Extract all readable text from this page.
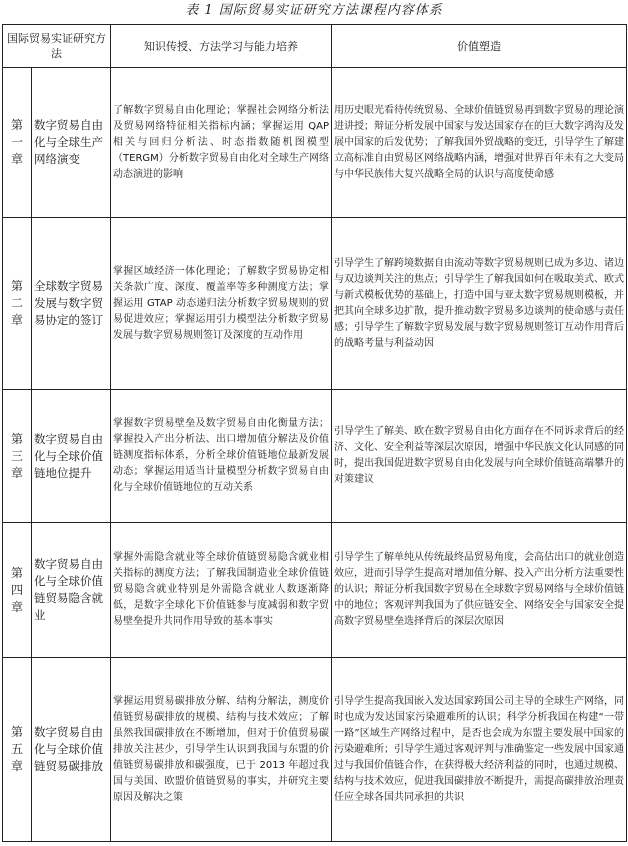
表 1 国际贸易实证研究方法课程内容体系
国际贸易实证研究方法		知识传授、方法学习与能力培养	价值塑造

第
一
章	数字贸易自由化与全球生产网络演变	了解数字贸易自由化理论；掌握社会网络分析法及贸易网络特征相关指标内涵；掌握运用 QAP 相关与回归分析法、时态指数随机图模型（TERGM）分析数字贸易自由化对全球生产网络动态演进的影响	用历史眼光看待传统贸易、全球价值链贸易再到数字贸易的理论演进讲授；辩证分析发展中国家与发达国家存在的巨大数字鸿沟及发展中国家的后发优势；了解我国外贸战略的变迁，引导学生了解建立高标准自由贸易区网络战略内涵，增强对世界百年未有之大变局与中华民族伟大复兴战略全局的认识与高度使命感

第
二
章	全球数字贸易发展与数字贸易协定的签订	掌握区域经济一体化理论；了解数字贸易协定相关条款广度、深度、覆盖率等多种测度方法；掌握运用 GTAP 动态递归法分析数字贸易规则的贸易促进效应；掌握运用引力模型法分析数字贸易发展与数字贸易规则签订及深度的互动作用	引导学生了解跨境数据自由流动等数字贸易规则已成为多边、诸边与双边谈判关注的焦点；引导学生了解我国如何在吸取美式、欧式与新式模板优势的基础上，打造中国与亚太数字贸易规则模板，并把其向全球多边扩散，提升推动数字贸易多边谈判的使命感与责任感；引导学生了解数字贸易发展与数字贸易规则签订互动作用背后的战略考量与利益动因

第
三
章	数字贸易自由化与全球价值链地位提升	掌握数字贸易壁垒及数字贸易自由化衡量方法；掌握投入产出分析法、出口增加值分解法及价值链测度指标体系，分析全球价值链地位最新发展动态；掌握运用适当计量模型分析数字贸易自由化与全球价值链地位的互动关系	引导学生了解美、欧在数字贸易自由化方面存在不同诉求背后的经济、文化、安全利益等深层次原因，增强中华民族文化认同感的同时，提出我国促进数字贸易自由化发展与向全球价值链高端攀升的对策建议

第
四
章	数字贸易自由化与全球价值链贸易隐含就业	掌握外需隐含就业等全球价值链贸易隐含就业相关指标的测度方法；了解我国制造业全球价值链贸易隐含就业特别是外需隐含就业人数逐渐降低，是数字全球化下价值链参与度减弱和数字贸易壁垒提升共同作用导致的基本事实	引导学生了解单纯从传统最终品贸易角度，会高估出口的就业创造效应，进而引导学生提高对增加值分解、投入产出分析方法重要性的认识；辩证分析我国数字贸易在全球数字贸易网络与全球价值链中的地位；客观评判我国为了供应链安全、网络安全与国家安全提高数字贸易壁垒选择背后的深层次原因

第
五
章	数字贸易自由化与全球价值链贸易碳排放	掌握运用贸易碳排放分解、结构分解法，测度价值链贸易碳排放的规模、结构与技术效应；了解虽然我国碳排放在不断增加，但对于价值贸易碳排放关注甚少，引导学生认识到我国与东盟的价值链贸易碳排放和碳强度，已于 2013 年超过我国与美国、欧盟价值链贸易的事实，并研究主要原因及解决之策	引导学生提高我国嵌入发达国家跨国公司主导的全球生产网络，同时也成为发达国家污染避难所的认识；科学分析我国在构建“一带一路”区域生产网络过程中，是否也会成为东盟主要发展中国家的污染避难所；引导学生通过客观评判与准确鉴定一些发展中国家通过与我国价值链合作，在获得极大经济利益的同时，也通过规模、结构与技术效应，促进我国碳排放不断提升，需提高碳排放治理责任应全球各国共同承担的共识
